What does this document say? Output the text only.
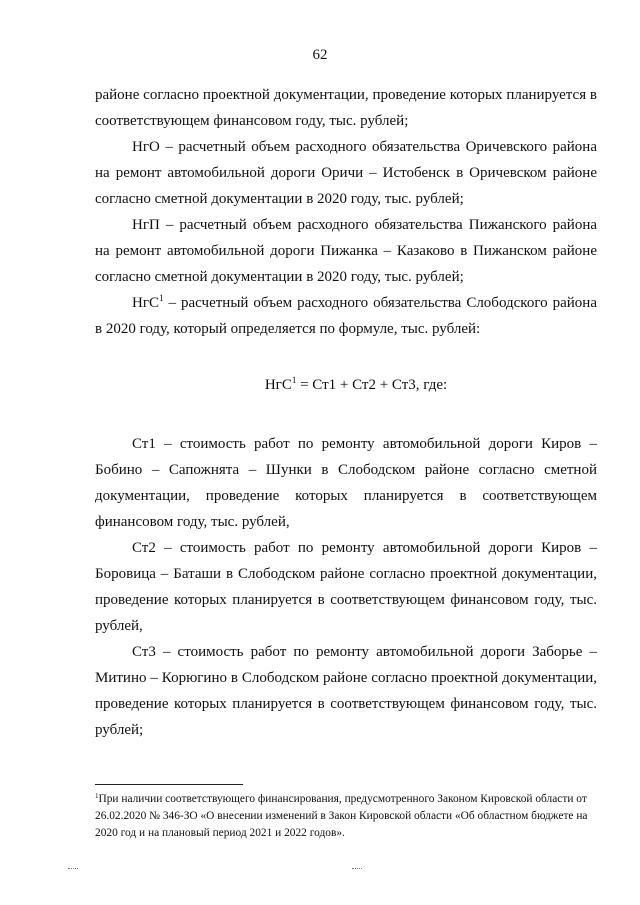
62

районе согласно проектной документации, проведение которых планируется в соответствующем финансовом году, тыс. рублей;

НгО – расчетный объем расходного обязательства Оричевского района на ремонт автомобильной дороги Оричи – Истобенск в Оричевском районе согласно сметной документации в 2020 году, тыс. рублей;

НгП – расчетный объем расходного обязательства Пижанского района на ремонт автомобильной дороги Пижанка – Казаково в Пижанском районе согласно сметной документации в 2020 году, тыс. рублей;

НгС$^1$ – расчетный объем расходного обязательства Слободского района в 2020 году, который определяется по формуле, тыс. рублей:

НгС$^1$ = Ст1 + Ст2 + Ст3, где:

Ст1 – стоимость работ по ремонту автомобильной дороги Киров – Бобино – Сапожнята – Шунки в Слободском районе согласно сметной документации, проведение которых планируется в соответствующем финансовом году, тыс. рублей,

Ст2 – стоимость работ по ремонту автомобильной дороги Киров – Боровица – Баташи в Слободском районе согласно проектной документации, проведение которых планируется в соответствующем финансовом году, тыс. рублей,

Ст3 – стоимость работ по ремонту автомобильной дороги Заборье – Митино – Корюгино в Слободском районе согласно проектной документации, проведение которых планируется в соответствующем финансовом году, тыс. рублей;

$^1$При наличии соответствующего финансирования, предусмотренного Законом Кировской области от 26.02.2020 № 346-ЗО «О внесении изменений в Закон Кировской области «Об областном бюджете на 2020 год и на плановый период 2021 и 2022 годов».
